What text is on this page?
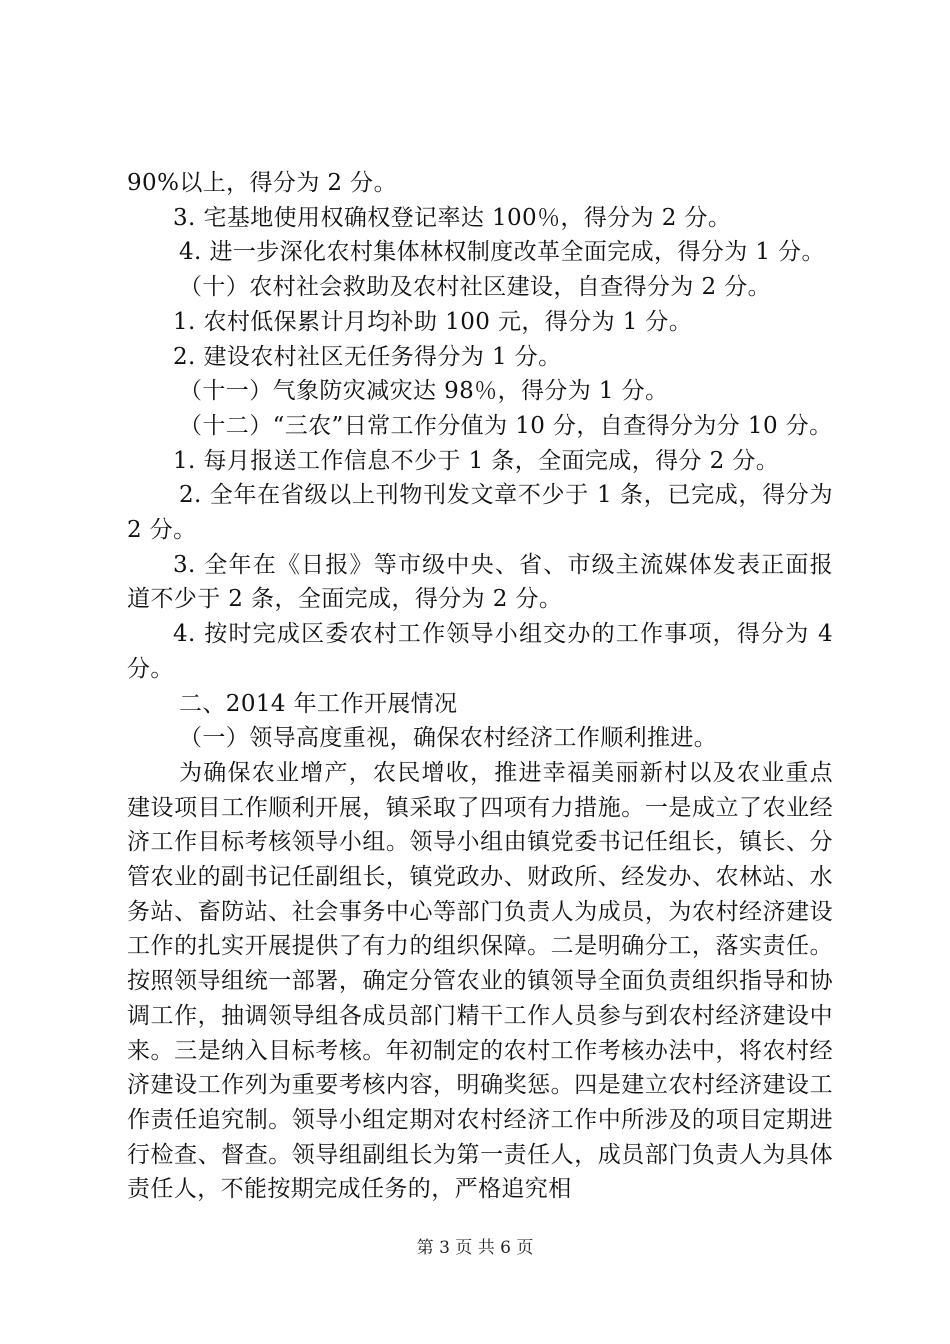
90%以上，得分为 2 分。

3. 宅基地使用权确权登记率达 100％，得分为 2 分。

4. 进一步深化农村集体林权制度改革全面完成，得分为 1 分。

（十）农村社会救助及农村社区建设，自查得分为 2 分。

1. 农村低保累计月均补助 100 元，得分为 1 分。

2. 建设农村社区无任务得分为 1 分。

（十一）气象防灾减灾达 98％，得分为 1 分。

（十二）“三农”日常工作分值为 10 分，自查得分为分 10 分。

1. 每月报送工作信息不少于 1 条，全面完成，得分 2 分。

2. 全年在省级以上刊物刊发文章不少于 1 条，已完成，得分为 2 分。

3. 全年在《日报》等市级中央、省、市级主流媒体发表正面报道不少于 2 条，全面完成，得分为 2 分。

4. 按时完成区委农村工作领导小组交办的工作事项，得分为 4 分。

二、2014 年工作开展情况

（一）领导高度重视，确保农村经济工作顺利推进。

为确保农业增产，农民增收，推进幸福美丽新村以及农业重点建设项目工作顺利开展，镇采取了四项有力措施。一是成立了农业经济工作目标考核领导小组。领导小组由镇党委书记任组长，镇长、分管农业的副书记任副组长，镇党政办、财政所、经发办、农林站、水务站、畜防站、社会事务中心等部门负责人为成员，为农村经济建设工作的扎实开展提供了有力的组织保障。二是明确分工，落实责任。按照领导组统一部署，确定分管农业的镇领导全面负责组织指导和协调工作，抽调领导组各成员部门精干工作人员参与到农村经济建设中来。三是纳入目标考核。年初制定的农村工作考核办法中，将农村经济建设工作列为重要考核内容，明确奖惩。四是建立农村经济建设工作责任追究制。领导小组定期对农村经济工作中所涉及的项目定期进行检查、督查。领导组副组长为第一责任人，成员部门负责人为具体责任人，不能按期完成任务的，严格追究相

第 3 页 共 6 页
